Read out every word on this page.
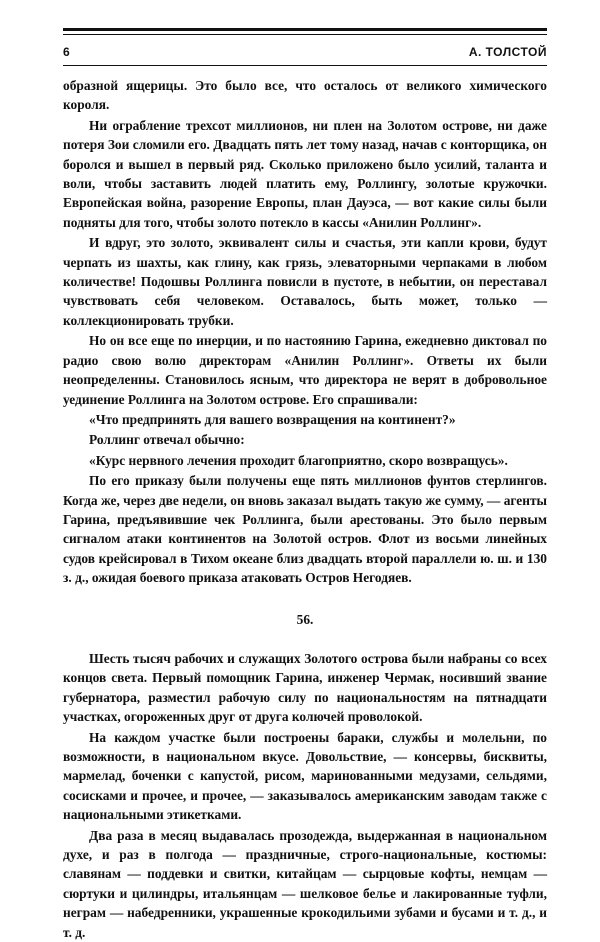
6	А. ТОЛСТОЙ

образной ящерицы. Это было все, что осталось от великого химического короля.

Ни ограбление трехсот миллионов, ни плен на Золотом острове, ни даже потеря Зои сломили его. Двадцать пять лет тому назад, начав с конторщика, он боролся и вышел в первый ряд. Сколько приложено было усилий, таланта и воли, чтобы заставить людей платить ему, Роллингу, золотые кружочки. Европейская война, разорение Европы, план Дауэса, — вот какие силы были подняты для того, чтобы золото потекло в кассы «Анилин Роллинг».

И вдруг, это золото, эквивалент силы и счастья, эти капли крови, будут черпать из шахты, как глину, как грязь, элеваторными черпаками в любом количестве! Подошвы Роллинга повисли в пустоте, в небытии, он переставал чувствовать себя человеком. Оставалось, быть может, только — коллекционировать трубки.

Но он все еще по инерции, и по настоянию Гарина, ежедневно диктовал по радио свою волю директорам «Анилин Роллинг». Ответы их были неопределенны. Становилось ясным, что директора не верят в добровольное уединение Роллинга на Золотом острове. Его спрашивали:

«Что предпринять для вашего возвращения на континент?»

Роллинг отвечал обычно:

«Курс нервного лечения проходит благоприятно, скоро возвращусь».

По его приказу были получены еще пять миллионов фунтов стерлингов. Когда же, через две недели, он вновь заказал выдать такую же сумму, — агенты Гарина, предъявившие чек Роллинга, были арестованы. Это было первым сигналом атаки континентов на Золотой остров. Флот из восьми линейных судов крейсировал в Тихом океане близ двадцать второй параллели ю. ш. и 130 з. д., ожидая боевого приказа атаковать Остров Негодяев.

56.

Шесть тысяч рабочих и служащих Золотого острова были набраны со всех концов света. Первый помощник Гарина, инженер Чермак, носивший звание губернатора, разместил рабочую силу по национальностям на пятнадцати участках, огороженных друг от друга колючей проволокой.

На каждом участке были построены бараки, службы и молельни, по возможности, в национальном вкусе. Довольствие, — консервы, бисквиты, мармелад, боченки с капустой, рисом, маринованными медузами, сельдями, сосисками и прочее, и прочее, — заказывалось американским заводам также с национальными этикетками.

Два раза в месяц выдавалась прозодежда, выдержанная в национальном духе, и раз в полгода — праздничные, строго-национальные, костюмы: славянам — поддевки и свитки, китайцам — сырцовые кофты, немцам — сюртуки и цилиндры, итальянцам — шелковое белье и лакированные туфли, неграм — набедренники, украшенные крокодильими зубами и бусами и т. д., и т. д.
